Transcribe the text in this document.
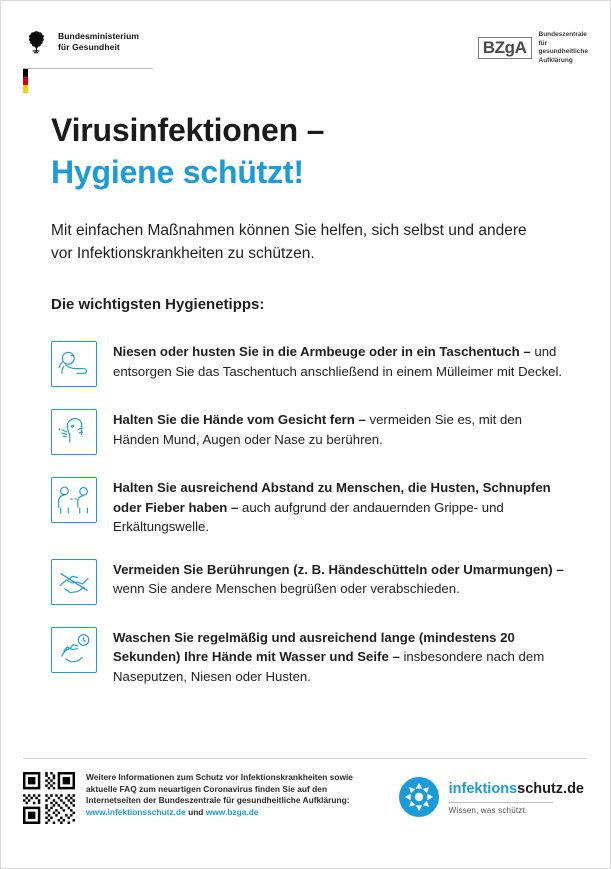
Bundesministerium
für Gesundheit	BZgA
Bundeszentrale
für
gesundheitliche
Aufklärung
Virusinfektionen –
Hygiene schützt!
Mit einfachen Maßnahmen können Sie helfen, sich selbst und andere vor Infektionskrankheiten zu schützen.
Die wichtigsten Hygienetipps:
Niesen oder husten Sie in die Armbeuge oder in ein Taschentuch – und entsorgen Sie das Taschentuch anschließend in einem Mülleimer mit Deckel.
Halten Sie die Hände vom Gesicht fern – vermeiden Sie es, mit den Händen Mund, Augen oder Nase zu berühren.
Halten Sie ausreichend Abstand zu Menschen, die Husten, Schnupfen oder Fieber haben – auch aufgrund der andauernden Grippe- und Erkältungswelle.
Vermeiden Sie Berührungen (z. B. Händeschütteln oder Umarmungen) – wenn Sie andere Menschen begrüßen oder verabschieden.
Waschen Sie regelmäßig und ausreichend lange (mindestens 20 Sekunden) Ihre Hände mit Wasser und Seife – insbesondere nach dem Naseputzen, Niesen oder Husten.
Weitere Informationen zum Schutz vor Infektionskrankheiten sowie
aktuelle FAQ zum neuartigen Coronavirus finden Sie auf den
Internetseiten der Bundeszentrale für gesundheitliche Aufklärung:
www.infektionsschutz.de und www.bzga.de
infektionsschutz.de
Wissen, was schützt.
